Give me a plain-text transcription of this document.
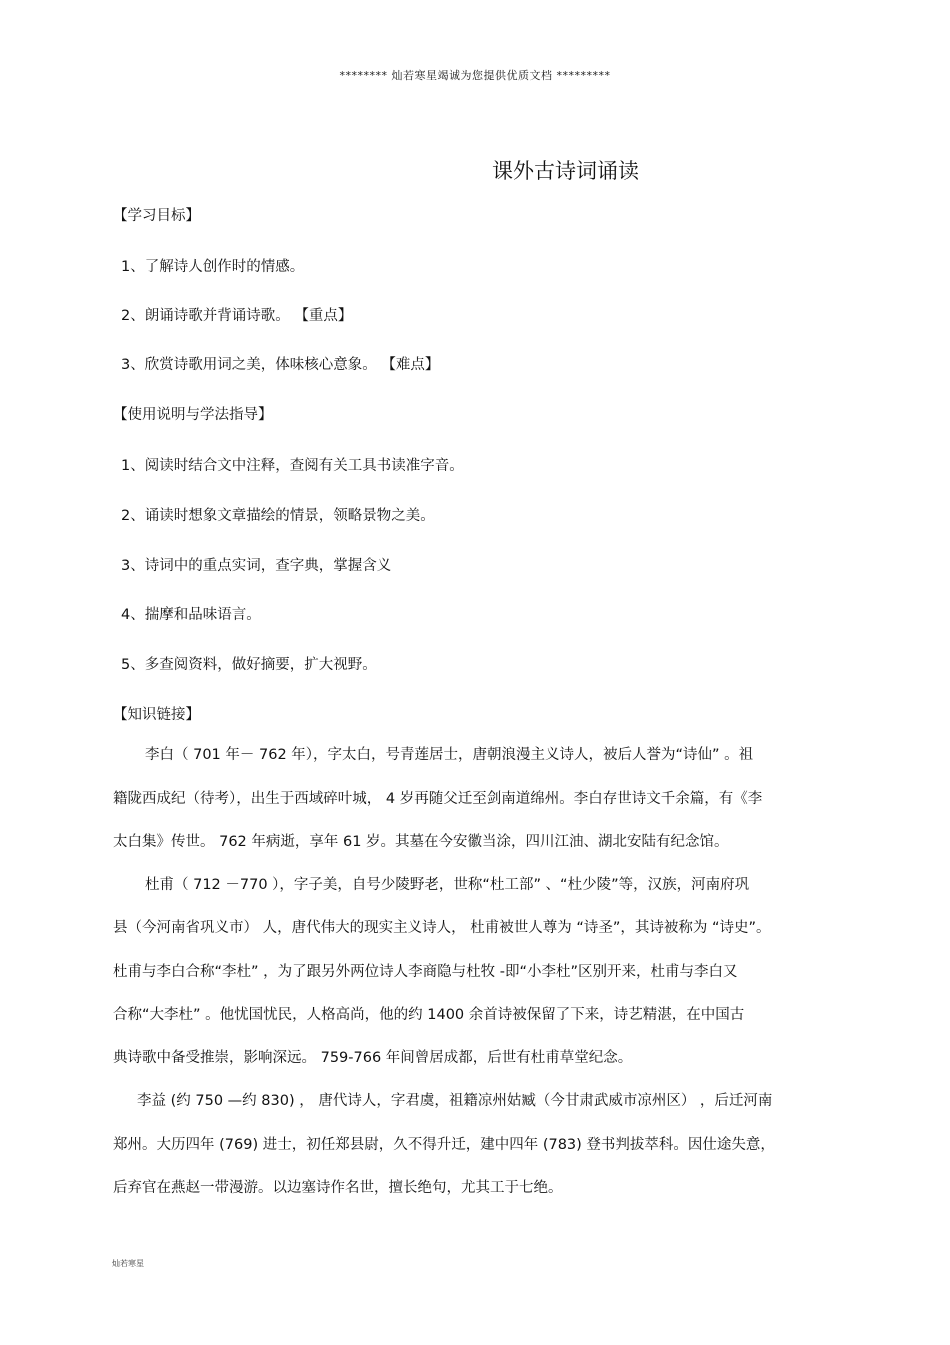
******** 灿若寒星竭诚为您提供优质文档 *********
课外古诗词诵读
【学习目标】
1、了解诗人创作时的情感。
2、朗诵诗歌并背诵诗歌。 【重点】
3、欣赏诗歌用词之美，体味核心意象。 【难点】
【使用说明与学法指导】
1、阅读时结合文中注释，查阅有关工具书读准字音。
2、诵读时想象文章描绘的情景，领略景物之美。
3、诗词中的重点实词，查字典，掌握含义
4、揣摩和品味语言。
5、多查阅资料，做好摘要，扩大视野。
【知识链接】
李白（ 701 年－ 762 年），字太白，号青莲居士，唐朝浪漫主义诗人，被后人誉为“诗仙” 。祖
籍陇西成纪（待考），出生于西域碎叶城， 4 岁再随父迁至剑南道绵州。李白存世诗文千余篇，有《李
太白集》传世。 762 年病逝，享年 61 岁。其墓在今安徽当涂，四川江油、湖北安陆有纪念馆。
杜甫（ 712 －770 ），字子美，自号少陵野老，世称“杜工部” 、“杜少陵”等，汉族，河南府巩
县（今河南省巩义市） 人，唐代伟大的现实主义诗人， 杜甫被世人尊为 “诗圣”，其诗被称为 “诗史”。
杜甫与李白合称“李杜” ，为了跟另外两位诗人李商隐与杜牧 -即“小李杜”区别开来，杜甫与李白又
合称“大李杜” 。他忧国忧民，人格高尚，他的约 1400 余首诗被保留了下来，诗艺精湛，在中国古
典诗歌中备受推崇，影响深远。 759-766 年间曾居成都，后世有杜甫草堂纪念。
李益 (约 750 —约 830) ， 唐代诗人，字君虞，祖籍凉州姑臧（今甘肃武威市凉州区） ，后迁河南
郑州。大历四年 (769) 进士，初任郑县尉，久不得升迁，建中四年 (783) 登书判拔萃科。因仕途失意，
后弃官在燕赵一带漫游。以边塞诗作名世，擅长绝句，尤其工于七绝。
灿若寒星
